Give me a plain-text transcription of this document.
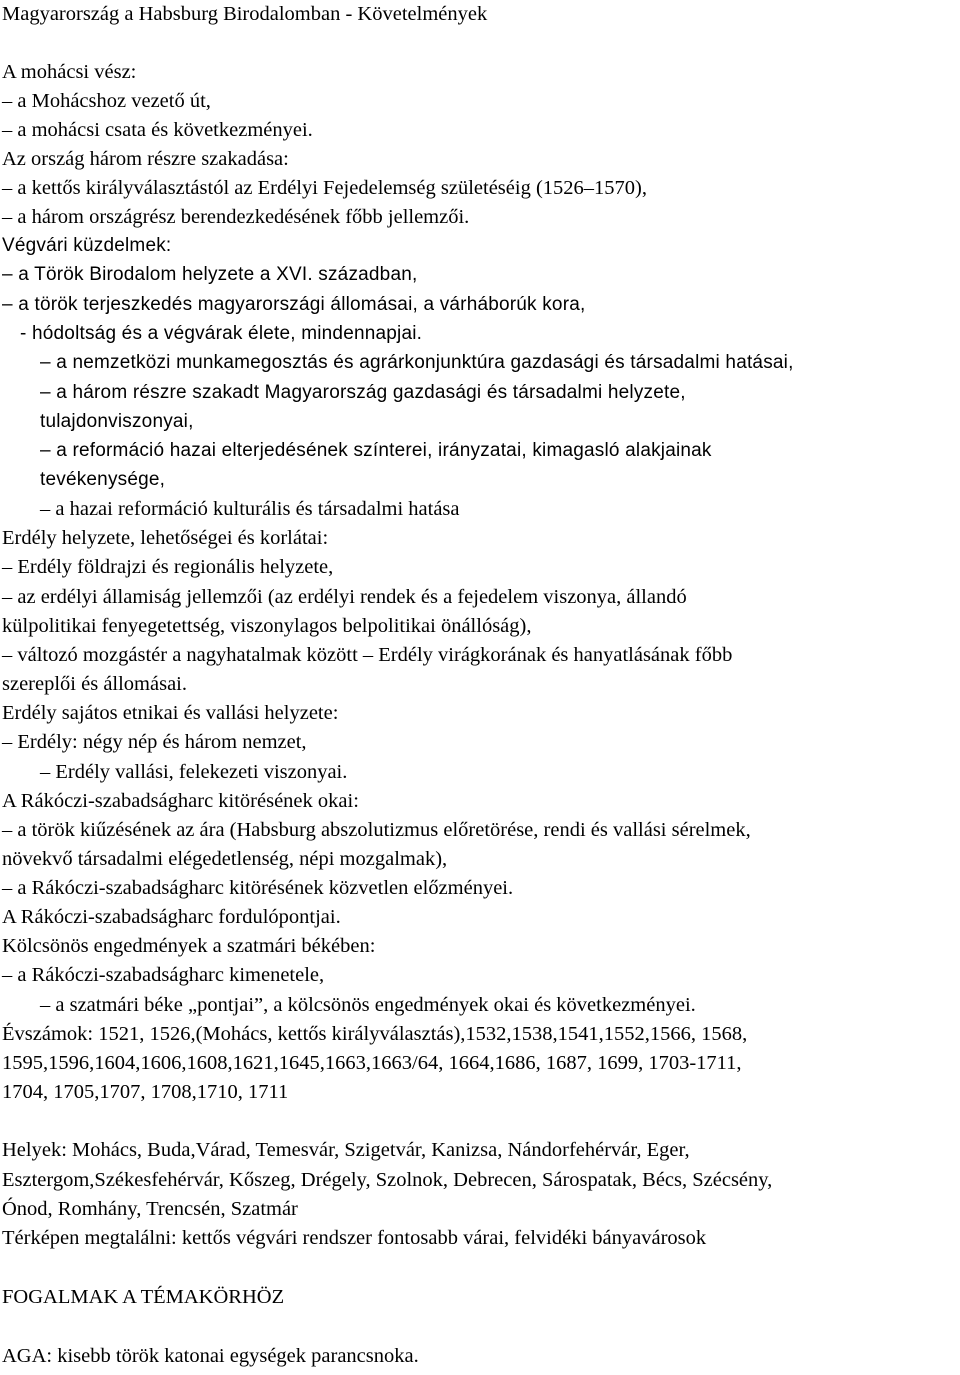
Magyarország a Habsburg Birodalomban - Követelmények
A mohácsi vész:
– a Mohácshoz vezető út,
– a mohácsi csata és következményei.
Az ország három részre szakadása:
– a kettős királyválasztástól az Erdélyi Fejedelemség születéséig (1526–1570),
– a három országrész berendezkedésének főbb jellemzői.
Végvári küzdelmek:
– a Török Birodalom helyzete a XVI. században,
– a török terjeszkedés magyarországi állomásai, a várháborúk kora,
- hódoltság és a végvárak élete, mindennapjai.
– a nemzetközi munkamegosztás és agrárkonjunktúra gazdasági és társadalmi hatásai,
– a három részre szakadt Magyarország gazdasági és társadalmi helyzete,
tulajdonviszonyai,
– a reformáció hazai elterjedésének színterei, irányzatai, kimagasló alakjainak
tevékenysége,
– a hazai reformáció kulturális és társadalmi hatása
Erdély helyzete, lehetőségei és korlátai:
– Erdély földrajzi és regionális helyzete,
– az erdélyi államiság jellemzői (az erdélyi rendek és a fejedelem viszonya, állandó
külpolitikai fenyegetettség, viszonylagos belpolitikai önállóság),
– változó mozgástér a nagyhatalmak között – Erdély virágkorának és hanyatlásának főbb
szereplői és állomásai.
Erdély sajátos etnikai és vallási helyzete:
– Erdély: négy nép és három nemzet,
– Erdély vallási, felekezeti viszonyai.
A Rákóczi-szabadságharc kitörésének okai:
– a török kiűzésének az ára (Habsburg abszolutizmus előretörése, rendi és vallási sérelmek,
növekvő társadalmi elégedetlenség, népi mozgalmak),
– a Rákóczi-szabadságharc kitörésének közvetlen előzményei.
A Rákóczi-szabadságharc fordulópontjai.
Kölcsönös engedmények a szatmári békében:
– a Rákóczi-szabadságharc kimenetele,
– a szatmári béke „pontjai”, a kölcsönös engedmények okai és következményei.
Évszámok: 1521, 1526,(Mohács, kettős királyválasztás),1532,1538,1541,1552,1566, 1568,
1595,1596,1604,1606,1608,1621,1645,1663,1663/64, 1664,1686, 1687, 1699, 1703-1711,
1704, 1705,1707, 1708,1710, 1711
Helyek: Mohács, Buda,Várad, Temesvár, Szigetvár, Kanizsa, Nándorfehérvár, Eger,
Esztergom,Székesfehérvár, Kőszeg, Drégely, Szolnok, Debrecen, Sárospatak, Bécs, Szécsény,
Ónod, Romhány, Trencsén, Szatmár
Térképen megtalálni: kettős végvári rendszer fontosabb várai, felvidéki bányavárosok
FOGALMAK A TÉMAKÖRHÖZ
AGA: kisebb török katonai egységek parancsnoka.
